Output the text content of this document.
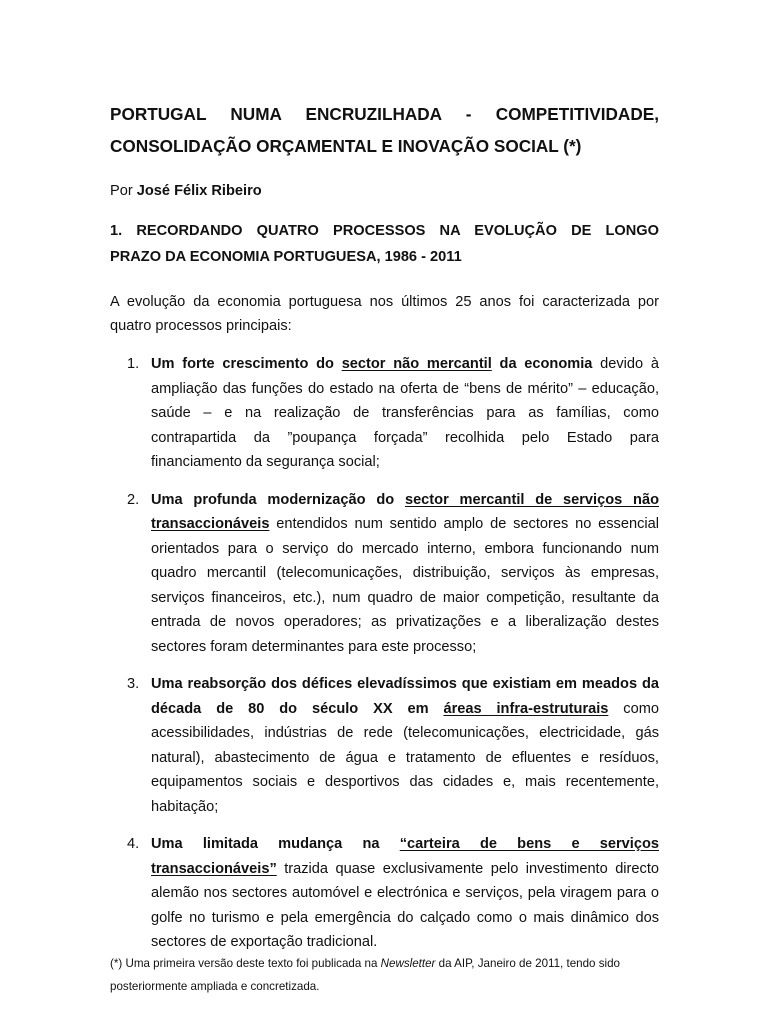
PORTUGAL NUMA ENCRUZILHADA - COMPETITIVIDADE,
CONSOLIDAÇÃO ORÇAMENTAL E INOVAÇÃO SOCIAL (*)

Por José Félix Ribeiro

1. RECORDANDO QUATRO PROCESSOS NA EVOLUÇÃO DE LONGO
PRAZO DA ECONOMIA PORTUGUESA, 1986 - 2011

A evolução da economia portuguesa nos últimos 25 anos foi caracterizada por quatro processos principais:

1. Um forte crescimento do sector não mercantil da economia devido à ampliação das funções do estado na oferta de “bens de mérito” – educação, saúde – e na realização de transferências para as famílias, como contrapartida da ”poupança forçada” recolhida pelo Estado para financiamento da segurança social;
2. Uma profunda modernização do sector mercantil de serviços não transaccionáveis entendidos num sentido amplo de sectores no essencial orientados para o serviço do mercado interno, embora funcionando num quadro mercantil (telecomunicações, distribuição, serviços às empresas, serviços financeiros, etc.), num quadro de maior competição, resultante da entrada de novos operadores; as privatizações e a liberalização destes sectores foram determinantes para este processo;
3. Uma reabsorção dos défices elevadíssimos que existiam em meados da década de 80 do século XX em áreas infra-estruturais como acessibilidades, indústrias de rede (telecomunicações, electricidade, gás natural), abastecimento de água e tratamento de efluentes e resíduos, equipamentos sociais e desportivos das cidades e, mais recentemente, habitação;
4. Uma limitada mudança na “carteira de bens e serviços transaccionáveis” trazida quase exclusivamente pelo investimento directo alemão nos sectores automóvel e electrónica e serviços, pela viragem para o golfe no turismo e pela emergência do calçado como o mais dinâmico dos sectores de exportação tradicional.

(*) Uma primeira versão deste texto foi publicada na Newsletter da AIP, Janeiro de 2011, tendo sido posteriormente ampliada e concretizada.
